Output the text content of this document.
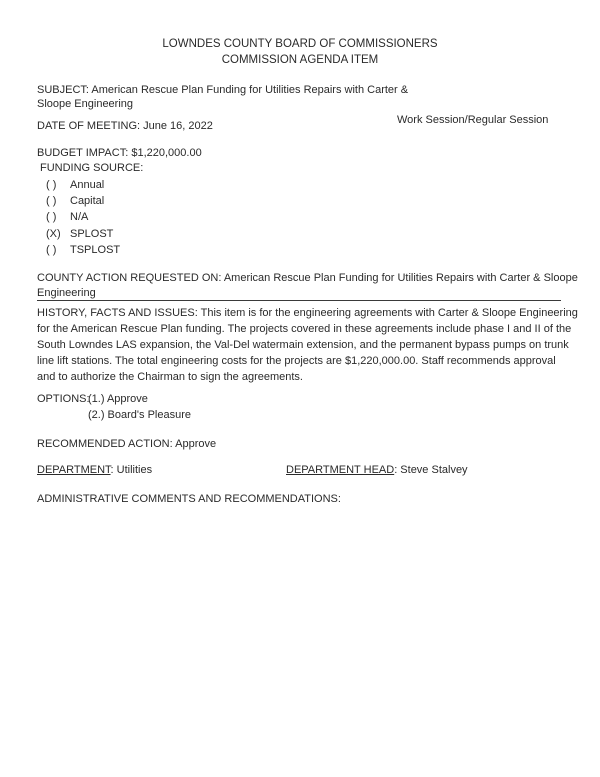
LOWNDES COUNTY BOARD OF COMMISSIONERS
COMMISSION AGENDA ITEM
SUBJECT: American Rescue Plan Funding for Utilities Repairs with Carter &
Sloope Engineering
DATE OF MEETING: June 16, 2022	Work Session/Regular Session
BUDGET IMPACT: $1,220,000.00
FUNDING SOURCE:
( )	Annual
( )	Capital
( )	N/A
(X) SPLOST
( )	TSPLOST
COUNTY ACTION REQUESTED ON: American Rescue Plan Funding for Utilities Repairs with Carter & Sloope
Engineering
HISTORY, FACTS AND ISSUES: This item is for the engineering agreements with Carter & Sloope Engineering
for the American Rescue Plan funding. The projects covered in these agreements include phase I and II of the
South Lowndes LAS expansion, the Val-Del watermain extension, and the permanent bypass pumps on trunk
line lift stations. The total engineering costs for the projects are $1,220,000.00. Staff recommends approval
and to authorize the Chairman to sign the agreements.
OPTIONS:
(1.) Approve
(2.) Board's Pleasure
RECOMMENDED ACTION: Approve
DEPARTMENT: Utilities	DEPARTMENT HEAD: Steve Stalvey
ADMINISTRATIVE COMMENTS AND RECOMMENDATIONS:
